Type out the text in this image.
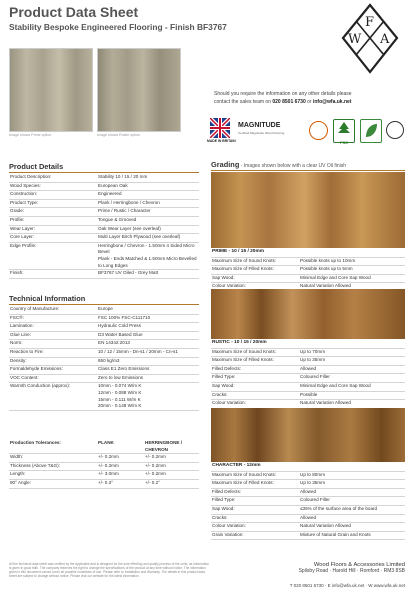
Product Data Sheet
Stability Bespoke Engineered Flooring - Finish BF3767
W
F
A
Image shows Prime option	Image shows Rustic option
Should you require the information on any other details please
contact the sales team on 020 8501 6730 or info@wfa.uk.net
MADE IN BRITAIN
MAGNITUDE
Certified Magnitude Wood Flooring
FSC
Product Details
Product Description:	Stability 10 / 15 / 20 mm
Wood Species:	European Oak
Construction:	Engineered
Product Type:	Plank / Herringbone / Chevron
Grade:	Prime / Rustic / Character
Profile:	Tongue & Grooved
Wear Layer:	Oak Wear Layer (see overleaf)
Core Layer:	Multi Layer Birch Plywood (see overleaf)
Edge Profile:	Herringbone / Chevron - 1.50mm 4 Sided Micro Bevel
Plank - Ends Matched & 1.50mm Micro Bevelled to Long Edges

Finish:	BF3767 UV Oiled - Grey Matt
Technical Information
Country of Manufacture:	Europe
FSC®:	FSC 100% FSC-C111710
Lamination:	Hydraulic Cold Press
Glue Line:	D3 Water Based Glue
Norm:	EN 14342:2013
Reaction to Fire:	10 / 12 / 15mm - Dn-s1 / 20mm - Cn-s1
Density:	650 kg/m3
Formaldehyde Emissions:	Class E1 Zero Emissions
VOC Content:	Zero to low Emissions
Warmth Conduction (approx):	10mm - 0.074 W/m K
12mm - 0.088 W/m K
15mm - 0.111 W/m K
20mm - 0.148 W/m K
Production Tolerances:	PLANK	HERRINGBONE / CHEVRON
Width:	+/- 0.2mm	+/- 0.2mm
Thickness (Above T&G):	+/- 0.2mm	+/- 0.2mm
Length:	+/- 3.0mm	+/- 0.2mm
90° Angle:	+/- 0.3°	+/- 0.2°
Grading - Images shown below with a clear UV Oil finish
PRIME - 10 / 15 / 20mm	
Maximum Size of Sound Knots:	Possible knots up to 10mm
Maximum Size of Filled Knots:	Possible knots up to 5mm
Sap Wood:	Minimal Edge and Core Sap Wood
Colour Variation:	Natural Variation Allowed

RUSTIC - 10 / 15 / 20mm	
Maximum Size of Sound Knots:	Up to 70mm
Maximum Size of Filled Knots:	Up to 35mm
Filled Defects:	Allowed
Filled Type:	Coloured Filler
Sap Wood:	Minimal Edge and Core Sap Wood
Cracks:	Possible
Colour Variation:	Natural Variation Allowed

CHARACTER - 12mm	
Maximum Size of Sound Knots:	Up to 80mm
Maximum Size of Filled Knots:	Up to 35mm
Filled Defects:	Allowed
Filled Type:	Coloured Filler
Sap Wood:	≤35% of the surface area of the board
Cracks:	Allowed
Colour Variation:	Natural Variation Allowed
Grain Variation:	Mixture of Natural Grain and Knots
All the technical data sheet was verified by the applicable and is designed for the sole effecting and quality process of the units, as information is given in good faith. The company reserves the right to change the specifications of the product at any time without notice. The information given in this document cannot cover all possible conditions of use. Please refer to Installation and Warranty. The details in this product data sheet are subject to change without notice. Please visit our website for the latest information.
Wood Floors & Accessories Limited
Spilsby Road · Harold Hill · Romford · RM3 8SB
T 020 8501 6730 · E info@wfa.uk.net · W www.wfa.uk.net
